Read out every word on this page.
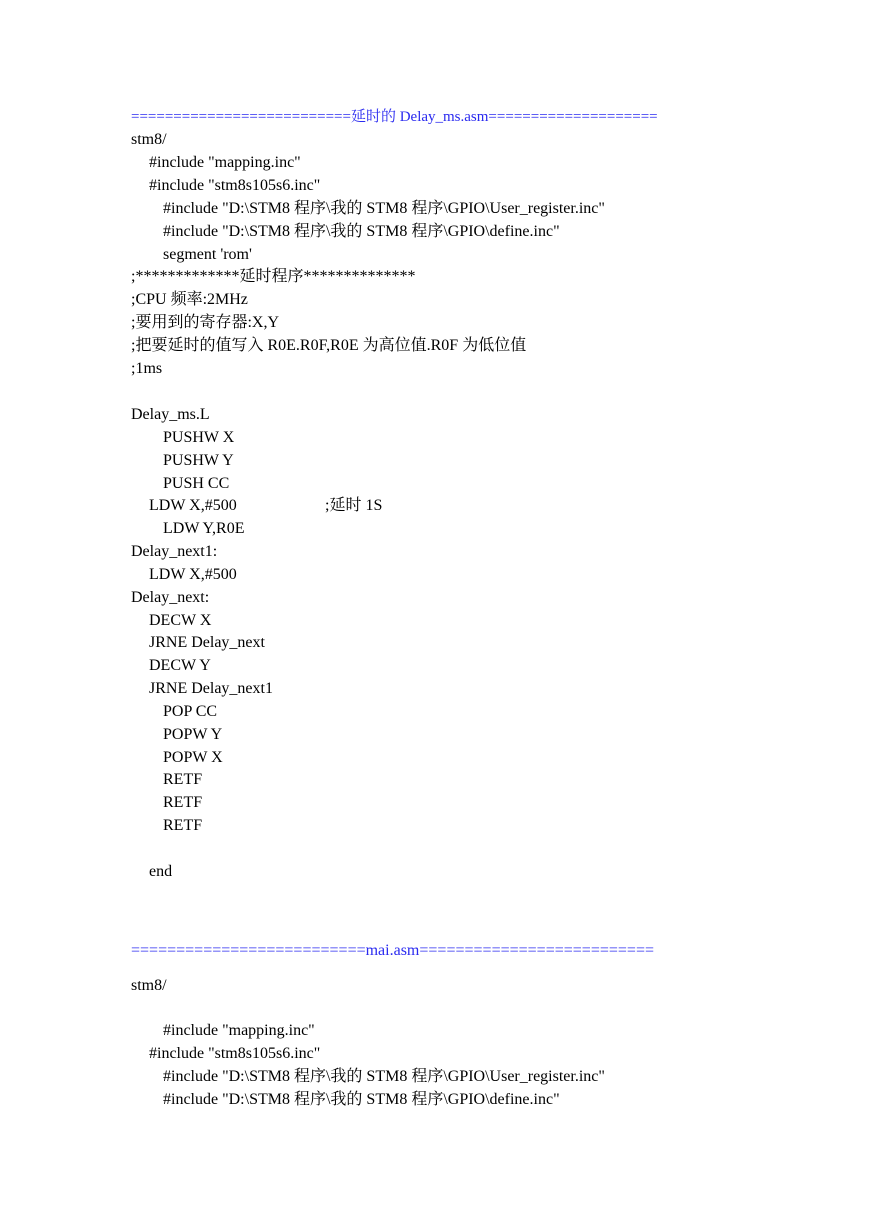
==========================延时的 Delay_ms.asm====================
stm8/
#include "mapping.inc"
#include "stm8s105s6.inc"
#include "D:\STM8 程序\我的 STM8 程序\GPIO\User_register.inc"
#include "D:\STM8 程序\我的 STM8 程序\GPIO\define.inc"
segment 'rom'
;*************延时程序**************
;CPU 频率:2MHz
;要用到的寄存器:X,Y
;把要延时的值写入 R0E.R0F,R0E 为高位值.R0F 为低位值
;1ms
Delay_ms.L
PUSHW X
PUSHW Y
PUSH CC
LDW X,#500	;延时 1S
LDW Y,R0E
Delay_next1:
LDW X,#500
Delay_next:
DECW X
JRNE Delay_next
DECW Y
JRNE Delay_next1
POP CC
POPW Y
POPW X
RETF
RETF
RETF
end
==========================mai.asm==========================
stm8/
#include "mapping.inc"
#include "stm8s105s6.inc"
#include "D:\STM8 程序\我的 STM8 程序\GPIO\User_register.inc"
#include "D:\STM8 程序\我的 STM8 程序\GPIO\define.inc"
